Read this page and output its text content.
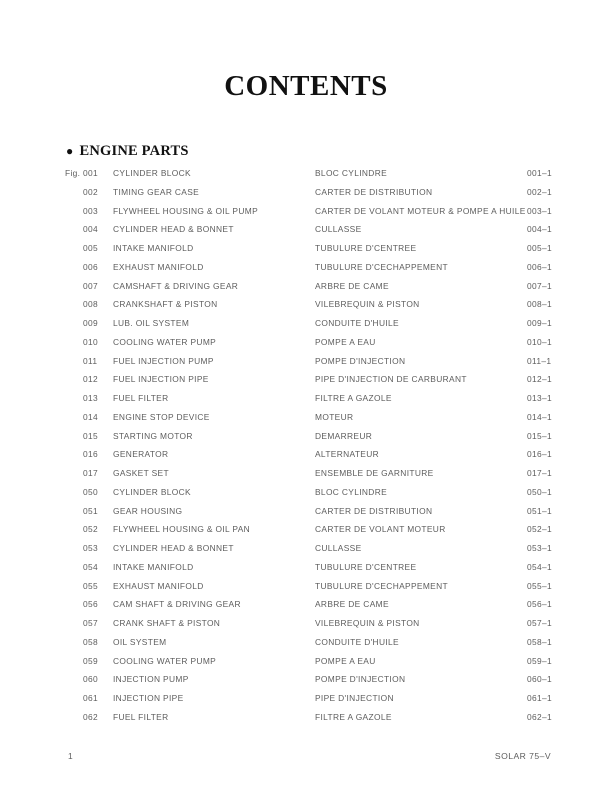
CONTENTS
● ENGINE PARTS
Fig. 001	CYLINDER BLOCK	BLOC CYLINDRE	001–1
002	TIMING GEAR CASE	CARTER DE DISTRIBUTION	002–1
003	FLYWHEEL HOUSING & OIL PUMP	CARTER DE VOLANT MOTEUR & POMPE A HUILE 003–1
004	CYLINDER HEAD & BONNET	CULLASSE	004–1
005	INTAKE MANIFOLD	TUBULURE D'CENTREE	005–1
006	EXHAUST MANIFOLD	TUBULURE D'CECHAPPEMENT	006–1
007	CAMSHAFT & DRIVING GEAR	ARBRE DE CAME	007–1
008	CRANKSHAFT & PISTON	VILEBREQUIN & PISTON	008–1
009	LUB. OIL SYSTEM	CONDUITE D'HUILE	009–1
010	COOLING WATER PUMP	POMPE A EAU	010–1
011	FUEL INJECTION PUMP	POMPE D'INJECTION	011–1
012	FUEL INJECTION PIPE	PIPE D'INJECTION DE CARBURANT	012–1
013	FUEL FILTER	FILTRE A GAZOLE	013–1
014	ENGINE STOP DEVICE	MOTEUR	014–1
015	STARTING MOTOR	DEMARREUR	015–1
016	GENERATOR	ALTERNATEUR	016–1
017	GASKET SET	ENSEMBLE DE GARNITURE	017–1
050	CYLINDER BLOCK	BLOC CYLINDRE	050–1
051	GEAR HOUSING	CARTER DE DISTRIBUTION	051–1
052	FLYWHEEL HOUSING & OIL PAN	CARTER DE VOLANT MOTEUR	052–1
053	CYLINDER HEAD & BONNET	CULLASSE	053–1
054	INTAKE MANIFOLD	TUBULURE D'CENTREE	054–1
055	EXHAUST MANIFOLD	TUBULURE D'CECHAPPEMENT	055–1
056	CAM SHAFT & DRIVING GEAR	ARBRE DE CAME	056–1
057	CRANK SHAFT & PISTON	VILEBREQUIN & PISTON	057–1
058	OIL SYSTEM	CONDUITE D'HUILE	058–1
059	COOLING WATER PUMP	POMPE A EAU	059–1
060	INJECTION PUMP	POMPE D'INJECTION	060–1
061	INJECTION PIPE	PIPE D'INJECTION	061–1
062	FUEL FILTER	FILTRE A GAZOLE	062–1
1	SOLAR 75–V
